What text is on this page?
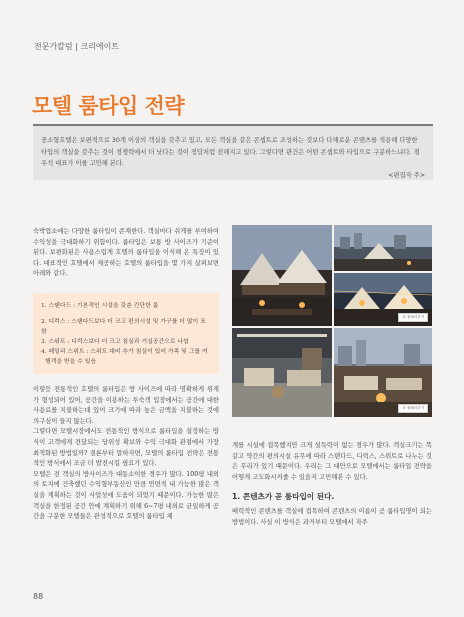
전문가칼럼 | 크리에이트
모텔 룸타입 전략
중소형호텔은 보편적으로 30개 이상의 객실을 갖추고 있고, 모든 객실을 같은 콘셉트로 조성하는 것보다 다채로운 콘텐츠를 적용해 다양한 타입의 객실을 갖추는 것이 경쟁력에서 더 낫다는 것이 정답처럼 전해지고 있다. 그렇다면 관건은 어떤 콘셉트와 타입으로 구분하느냐다. 점우석 대표가 이를 고민해 본다.
<편집자 주>
숙박업소에는 다양한 룸타입이 존재한다. 객실마다 쉬게를 부여하여 수익성을 극대화하기 위함이다. 룸타입은 보통 방 사이즈가 기준이 된다. 보편화된은 사용스럽게 호텔의 룸타입을 이식해 온 특징이 있다. 대표적인 호텔에서 제공하는 호텔의 룸타입을 몇 가지 살펴보면 아래와 같다.
1. 스탠다드 : 기본적인 시설을 갖춘 간단한 룸
2. 디럭스 : 스탠다드보다 더 크고 편의시설 및 가구를 더 많이 포함
3. 스위트 : 디럭스보다 더 크고 침실과 거실공간으로 나뉨
4. 패밀리 스위트 : 스위트 대비 추가 침실이 있어 가족 및 그룹 여
행객을 받을 수 있음

이렇듯 전통적인 호텔의 룸타입은 방 사이즈에 따라 명확하게 위계가 형성되어 있어, 공간을 이용하는 투숙객 입장에서는 공간에 대한 사용료를 지불하는데 있어 크기에 따라 높은 금액을 지불하는 것에 의구심이 들지 않는다.

그렇다면 모텔시장에서도 전통적인 방식으로 룸타입을 설정하는 방식이 고객에게 전달되는 당위성 확보와 수익 극대화 관점에서 가장 최적화된 방법일까? 결론부터 말하자면, 모텔의 룸타입 전략은 전통적인 방식에서 조금 더 발전시킬 필요가 있다.

모텔은 전 객실의 방사이즈가 대동소이한 경우가 많다. 100평 내외의 토지에 건축했던 수익형부동산인 만큼 연면적 내 가능한 많은 객실을 계획하는 것이 사업성에 도움이 되었기 때문이다. 가능한 많은 객실을 한정된 공간 안에 계획하기 위해 6~7평 내외로 균일하게 공간을 구분한 모텔들은 관성적으로 호텔의 룸타입 체

© 원태마루카
© 원태마루카

계를 시설에 접목했지만 크게 설득력이 없는 경우가 많다. 객실크기는 똑같고 약간의 편의시설 유무에 따라 스탠다드, 디럭스, 스위트로 나누는 것은 무리가 있기 때문이다. 우리는 그 대안으로 모텔에서는 룸타입 전략을 어떻게 고도화시켜줄 수 있을지 고민해본 수 있다.

1. 콘텐츠가 곧 룸타입이 된다.

배력적인 콘텐츠를 객실에 접목하여 콘텐츠의 이름이 곧 룸타입명이 되는 방법이다. 사실 이 방식은 과거부터 모텔에서 자주

88
